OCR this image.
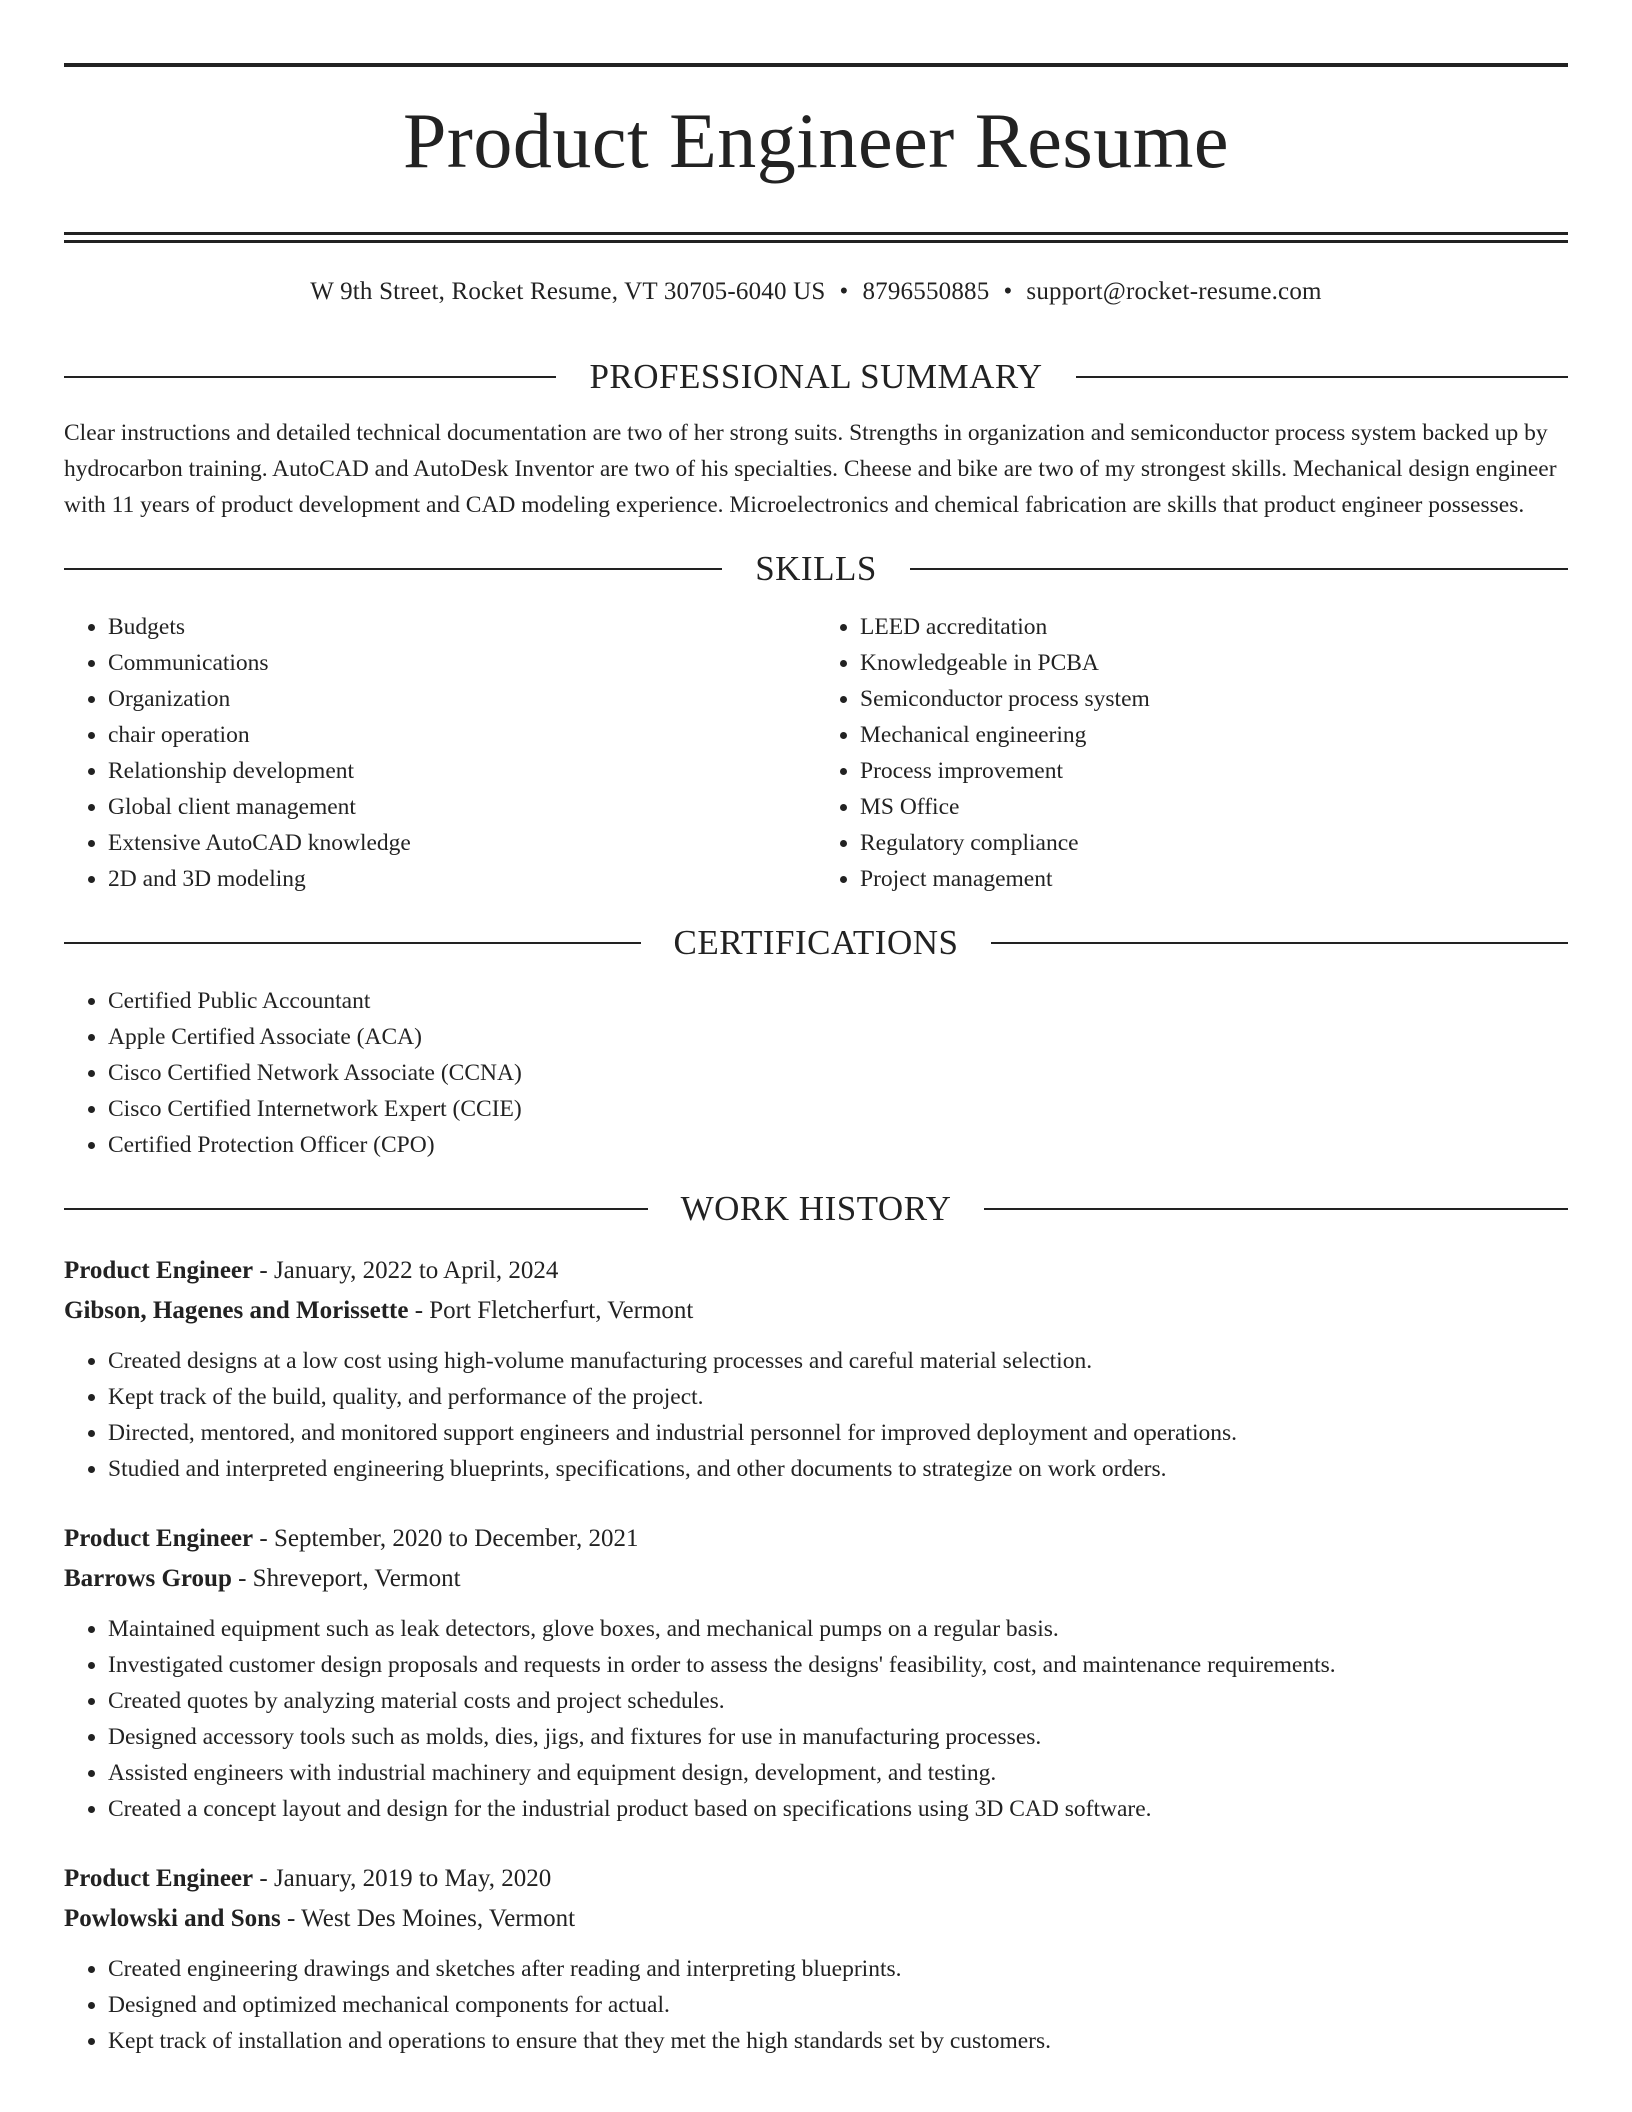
Product Engineer Resume
W 9th Street, Rocket Resume, VT 30705-6040 US • 8796550885 • support@rocket-resume.com
PROFESSIONAL SUMMARY

Clear instructions and detailed technical documentation are two of her strong suits. Strengths in organization and semiconductor process system backed up by hydrocarbon training. AutoCAD and AutoDesk Inventor are two of his specialties. Cheese and bike are two of my strongest skills. Mechanical design engineer with 11 years of product development and CAD modeling experience. Microelectronics and chemical fabrication are skills that product engineer possesses.

SKILLS
• Budgets
• Communications
• Organization
• chair operation
• Relationship development
• Global client management
• Extensive AutoCAD knowledge
• 2D and 3D modeling
• LEED accreditation
• Knowledgeable in PCBA
• Semiconductor process system
• Mechanical engineering
• Process improvement
• MS Office
• Regulatory compliance
• Project management
CERTIFICATIONS
• Certified Public Accountant
• Apple Certified Associate (ACA)
• Cisco Certified Network Associate (CCNA)
• Cisco Certified Internetwork Expert (CCIE)
• Certified Protection Officer (CPO)
WORK HISTORY
Product Engineer - January, 2022 to April, 2024
Gibson, Hagenes and Morissette - Port Fletcherfurt, Vermont
• Created designs at a low cost using high-volume manufacturing processes and careful material selection.
• Kept track of the build, quality, and performance of the project.
• Directed, mentored, and monitored support engineers and industrial personnel for improved deployment and operations.
• Studied and interpreted engineering blueprints, specifications, and other documents to strategize on work orders.
Product Engineer - September, 2020 to December, 2021
Barrows Group - Shreveport, Vermont
• Maintained equipment such as leak detectors, glove boxes, and mechanical pumps on a regular basis.
• Investigated customer design proposals and requests in order to assess the designs' feasibility, cost, and maintenance requirements.
• Created quotes by analyzing material costs and project schedules.
• Designed accessory tools such as molds, dies, jigs, and fixtures for use in manufacturing processes.
• Assisted engineers with industrial machinery and equipment design, development, and testing.
• Created a concept layout and design for the industrial product based on specifications using 3D CAD software.
Product Engineer - January, 2019 to May, 2020
Powlowski and Sons - West Des Moines, Vermont
• Created engineering drawings and sketches after reading and interpreting blueprints.
• Designed and optimized mechanical components for actual.
• Kept track of installation and operations to ensure that they met the high standards set by customers.
